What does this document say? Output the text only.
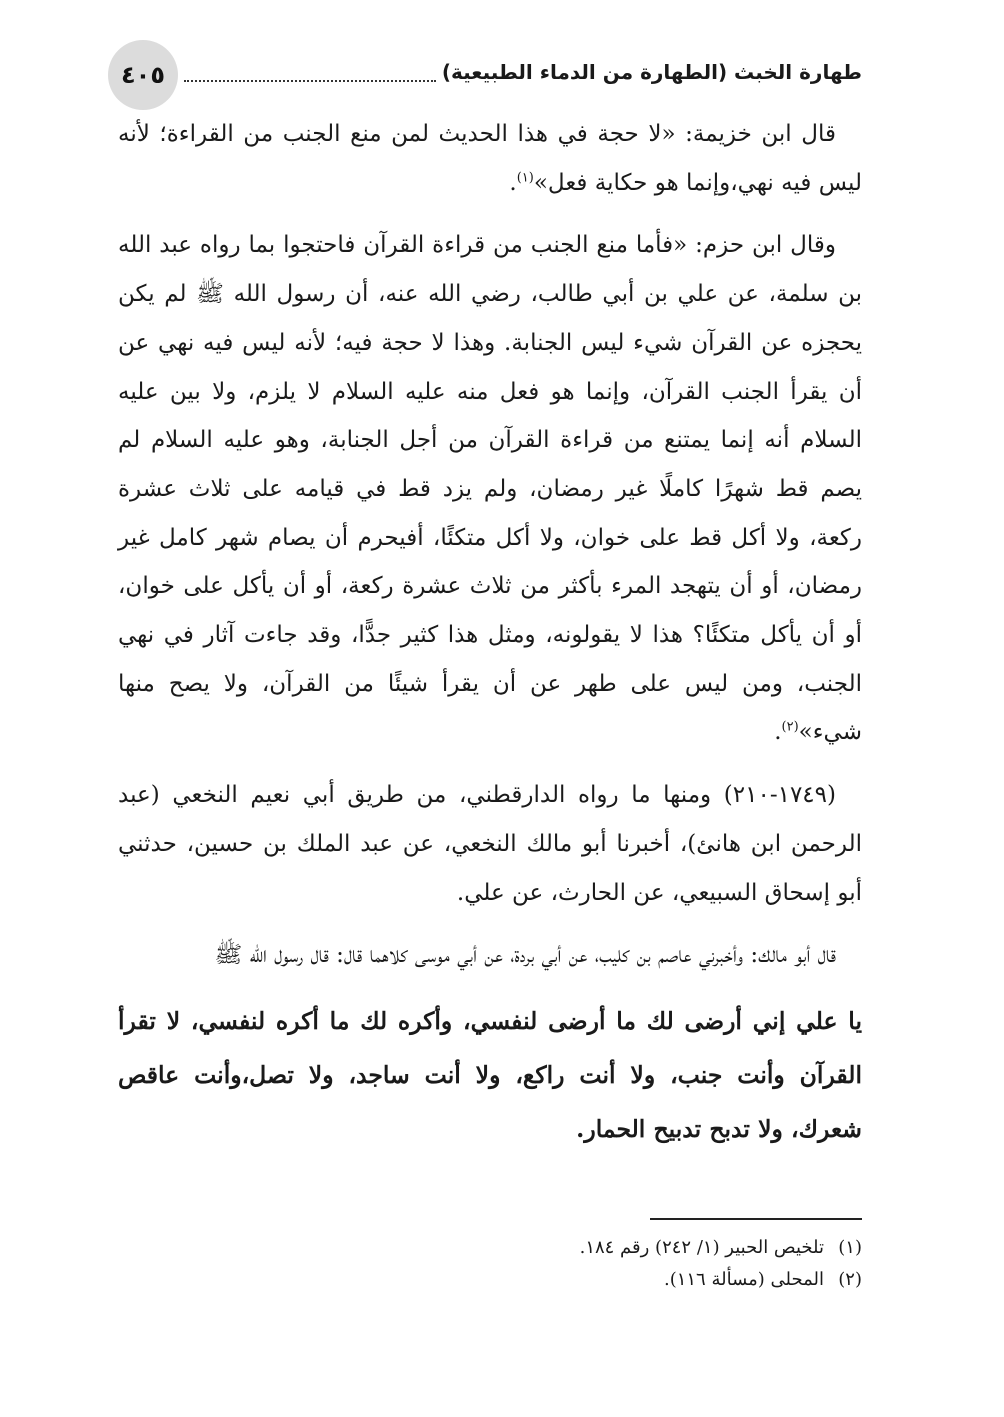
٤٠٥	طهارة الخبث (الطهارة من الدماء الطبيعية)

قال ابن خزيمة: «لا حجة في هذا الحديث لمن منع الجنب من القراءة؛ لأنه ليس فيه نهي،وإنما هو حكاية فعل»$^{(١)}$.

وقال ابن حزم: «فأما منع الجنب من قراءة القرآن فاحتجوا بما رواه عبد الله بن سلمة، عن علي بن أبي طالب، رضي الله عنه، أن رسول الله ﷺ لم يكن يحجزه عن القرآن شيء ليس الجنابة. وهذا لا حجة فيه؛ لأنه ليس فيه نهي عن أن يقرأ الجنب القرآن، وإنما هو فعل منه عليه السلام لا يلزم، ولا بين عليه السلام أنه إنما يمتنع من قراءة القرآن من أجل الجنابة، وهو عليه السلام لم يصم قط شهرًا كاملًا غير رمضان، ولم يزد قط في قيامه على ثلاث عشرة ركعة، ولا أكل قط على خوان، ولا أكل متكئًا، أفيحرم أن يصام شهر كامل غير رمضان، أو أن يتهجد المرء بأكثر من ثلاث عشرة ركعة، أو أن يأكل على خوان، أو أن يأكل متكئًا؟ هذا لا يقولونه، ومثل هذا كثير جدًّا، وقد جاءت آثار في نهي الجنب، ومن ليس على طهر عن أن يقرأ شيئًا من القرآن، ولا يصح منها شيء»$^{(٢)}$.

(١٧٤٩-٢١٠) ومنها ما رواه الدارقطني، من طريق أبي نعيم النخعي (عبد الرحمن ابن هانئ)، أخبرنا أبو مالك النخعي، عن عبد الملك بن حسين، حدثني أبو إسحاق السبيعي، عن الحارث، عن علي.

قال أبو مالك: وأخبرني عاصم بن كليب، عن أبي بردة، عن أبي موسى كلاهما قال: قال رسول الله ﷺ

يا علي إني أرضى لك ما أرضى لنفسي، وأكره لك ما أكره لنفسي، لا تقرأ القرآن وأنت جنب، ولا أنت راكع، ولا أنت ساجد، ولا تصل،وأنت عاقص شعرك، ولا تدبح تدبيح الحمار.

(١)
تلخيص الحبير (١/ ٢٤٢) رقم ١٨٤.
(٢)
المحلى (مسألة ١١٦).
